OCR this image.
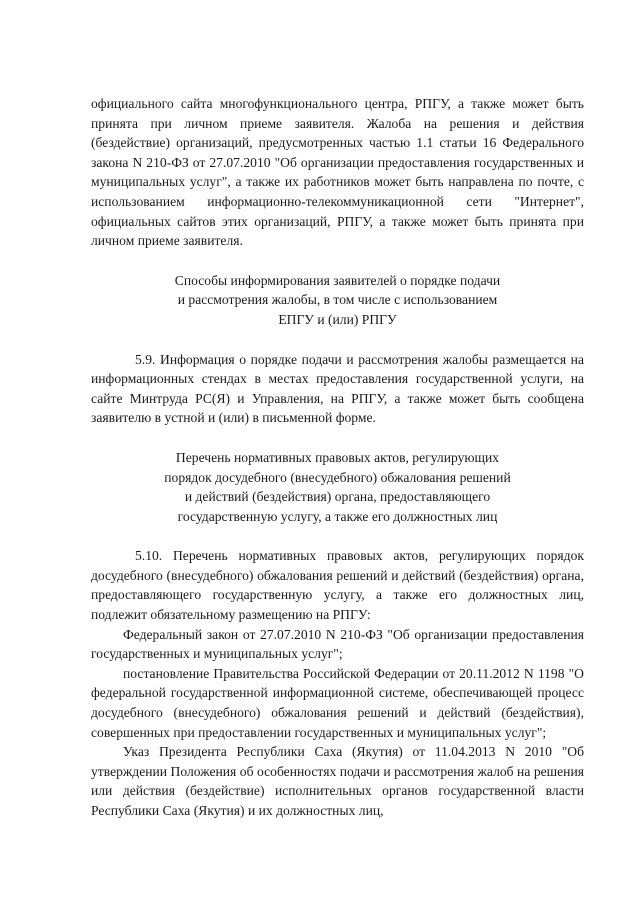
официального сайта многофункционального центра, РПГУ, а также может быть принята при личном приеме заявителя. Жалоба на решения и действия (бездействие) организаций, предусмотренных частью 1.1 статьи 16 Федерального закона N 210-ФЗ от 27.07.2010 "Об организации предоставления государственных и муниципальных услуг", а также их работников может быть направлена по почте, с использованием информационно-телекоммуникационной сети "Интернет", официальных сайтов этих организаций, РПГУ, а также может быть принята при личном приеме заявителя.

Способы информирования заявителей о порядке подачи
и рассмотрения жалобы, в том числе с использованием
ЕПГУ и (или) РПГУ

5.9. Информация о порядке подачи и рассмотрения жалобы размещается на информационных стендах в местах предоставления государственной услуги, на сайте Минтруда РС(Я) и Управления, на РПГУ, а также может быть сообщена заявителю в устной и (или) в письменной форме.

Перечень нормативных правовых актов, регулирующих
порядок досудебного (внесудебного) обжалования решений
и действий (бездействия) органа, предоставляющего
государственную услугу, а также его должностных лиц

5.10. Перечень нормативных правовых актов, регулирующих порядок досудебного (внесудебного) обжалования решений и действий (бездействия) органа, предоставляющего государственную услугу, а также его должностных лиц, подлежит обязательному размещению на РПГУ:

Федеральный закон от 27.07.2010 N 210-ФЗ "Об организации предоставления государственных и муниципальных услуг";

постановление Правительства Российской Федерации от 20.11.2012 N 1198 "О федеральной государственной информационной системе, обеспечивающей процесс досудебного (внесудебного) обжалования решений и действий (бездействия), совершенных при предоставлении государственных и муниципальных услуг";

Указ Президента Республики Саха (Якутия) от 11.04.2013 N 2010 "Об утверждении Положения об особенностях подачи и рассмотрения жалоб на решения или действия (бездействие) исполнительных органов государственной власти Республики Саха (Якутия) и их должностных лиц,
